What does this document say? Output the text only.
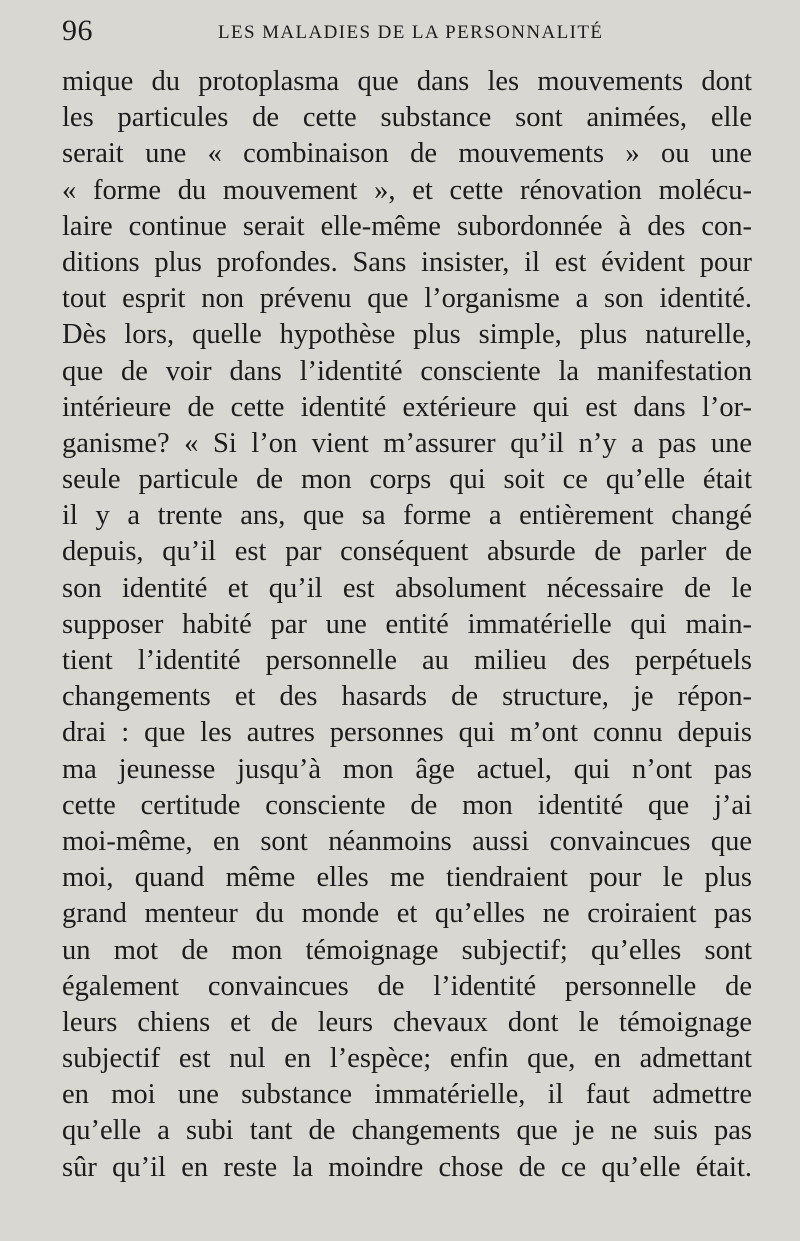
96	LES MALADIES DE LA PERSONNALITÉ
mique du protoplasma que dans les mouvements dont
les particules de cette substance sont animées, elle
serait une « combinaison de mouvements » ou une
« forme du mouvement », et cette rénovation molécu-
laire continue serait elle-même subordonnée à des con-
ditions plus profondes. Sans insister, il est évident pour
tout esprit non prévenu que l’organisme a son identité.
Dès lors, quelle hypothèse plus simple, plus naturelle,
que de voir dans l’identité consciente la manifestation
intérieure de cette identité extérieure qui est dans l’or-
ganisme? « Si l’on vient m’assurer qu’il n’y a pas une
seule particule de mon corps qui soit ce qu’elle était
il y a trente ans, que sa forme a entièrement changé
depuis, qu’il est par conséquent absurde de parler de
son identité et qu’il est absolument nécessaire de le
supposer habité par une entité immatérielle qui main-
tient l’identité personnelle au milieu des perpétuels
changements et des hasards de structure, je répon-
drai : que les autres personnes qui m’ont connu depuis
ma jeunesse jusqu’à mon âge actuel, qui n’ont pas
cette certitude consciente de mon identité que j’ai
moi-même, en sont néanmoins aussi convaincues que
moi, quand même elles me tiendraient pour le plus
grand menteur du monde et qu’elles ne croiraient pas
un mot de mon témoignage subjectif; qu’elles sont
également convaincues de l’identité personnelle de
leurs chiens et de leurs chevaux dont le témoignage
subjectif est nul en l’espèce; enfin que, en admettant
en moi une substance immatérielle, il faut admettre
qu’elle a subi tant de changements que je ne suis pas
sûr qu’il en reste la moindre chose de ce qu’elle était.
